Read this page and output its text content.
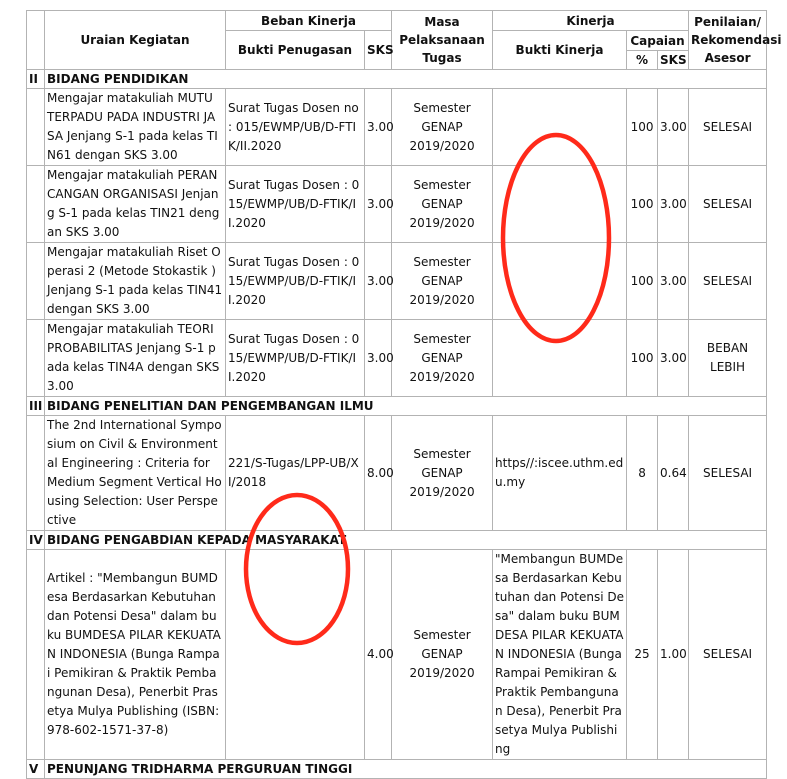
	Uraian Kegiatan	Beban Kinerja		Masa Pelaksanaan Tugas	Kinerja			Penilaian/ Rekomendasi Asesor
		Bukti Penugasan	SKS		Bukti Kinerja	Capaian		
						%	SKS	
II	BIDANG PENDIDIKAN							
	Mengajar matakuliah MUTU TERPADU PADA INDUSTRI JASA Jenjang S-1 pada kelas TIN61 dengan SKS 3.00	Surat Tugas Dosen no : 015/EWMP/UB/D-FTIK/II.2020	3.00	Semester GENAP 2019/2020		100	3.00	SELESAI
	Mengajar matakuliah PERANCANGAN ORGANISASI Jenjang S-1 pada kelas TIN21 dengan SKS 3.00	Surat Tugas Dosen : 015/EWMP/UB/D-FTIK/II.2020	3.00	Semester GENAP 2019/2020		100	3.00	SELESAI
	Mengajar matakuliah Riset Operasi 2 (Metode Stokastik ) Jenjang S-1 pada kelas TIN41 dengan SKS 3.00	Surat Tugas Dosen : 015/EWMP/UB/D-FTIK/II.2020	3.00	Semester GENAP 2019/2020		100	3.00	SELESAI
	Mengajar matakuliah TEORI PROBABILITAS Jenjang S-1 pada kelas TIN4A dengan SKS 3.00	Surat Tugas Dosen : 015/EWMP/UB/D-FTIK/II.2020	3.00	Semester GENAP 2019/2020		100	3.00	BEBAN LEBIH
III	BIDANG PENELITIAN DAN PENGEMBANGAN ILMU							
	The 2nd International Symposium on Civil & Environmental Engineering : Criteria for Medium Segment Vertical Housing Selection: User Perspective	221/S-Tugas/LPP-UB/XI/2018	8.00	Semester GENAP 2019/2020	https//:iscee.uthm.edu.my	8	0.64	SELESAI
IV	BIDANG PENGABDIAN KEPADA MASYARAKAT							
	Artikel : "Membangun BUMDesa Berdasarkan Kebutuhan dan Potensi Desa" dalam buku BUMDESA PILAR KEKUATAN INDONESIA (Bunga Rampai Pemikiran & Praktik Pembangunan Desa), Penerbit Prasetya Mulya Publishing (ISBN: 978-602-1571-37-8)		4.00	Semester GENAP 2019/2020	"Membangun BUMDesa Berdasarkan Kebutuhan dan Potensi Desa" dalam buku BUMDESA PILAR KEKUATAN INDONESIA (Bunga Rampai Pemikiran & Praktik Pembangunan Desa), Penerbit Prasetya Mulya Publishing	25	1.00	SELESAI
V	PENUNJANG TRIDHARMA PERGURUAN TINGGI							
